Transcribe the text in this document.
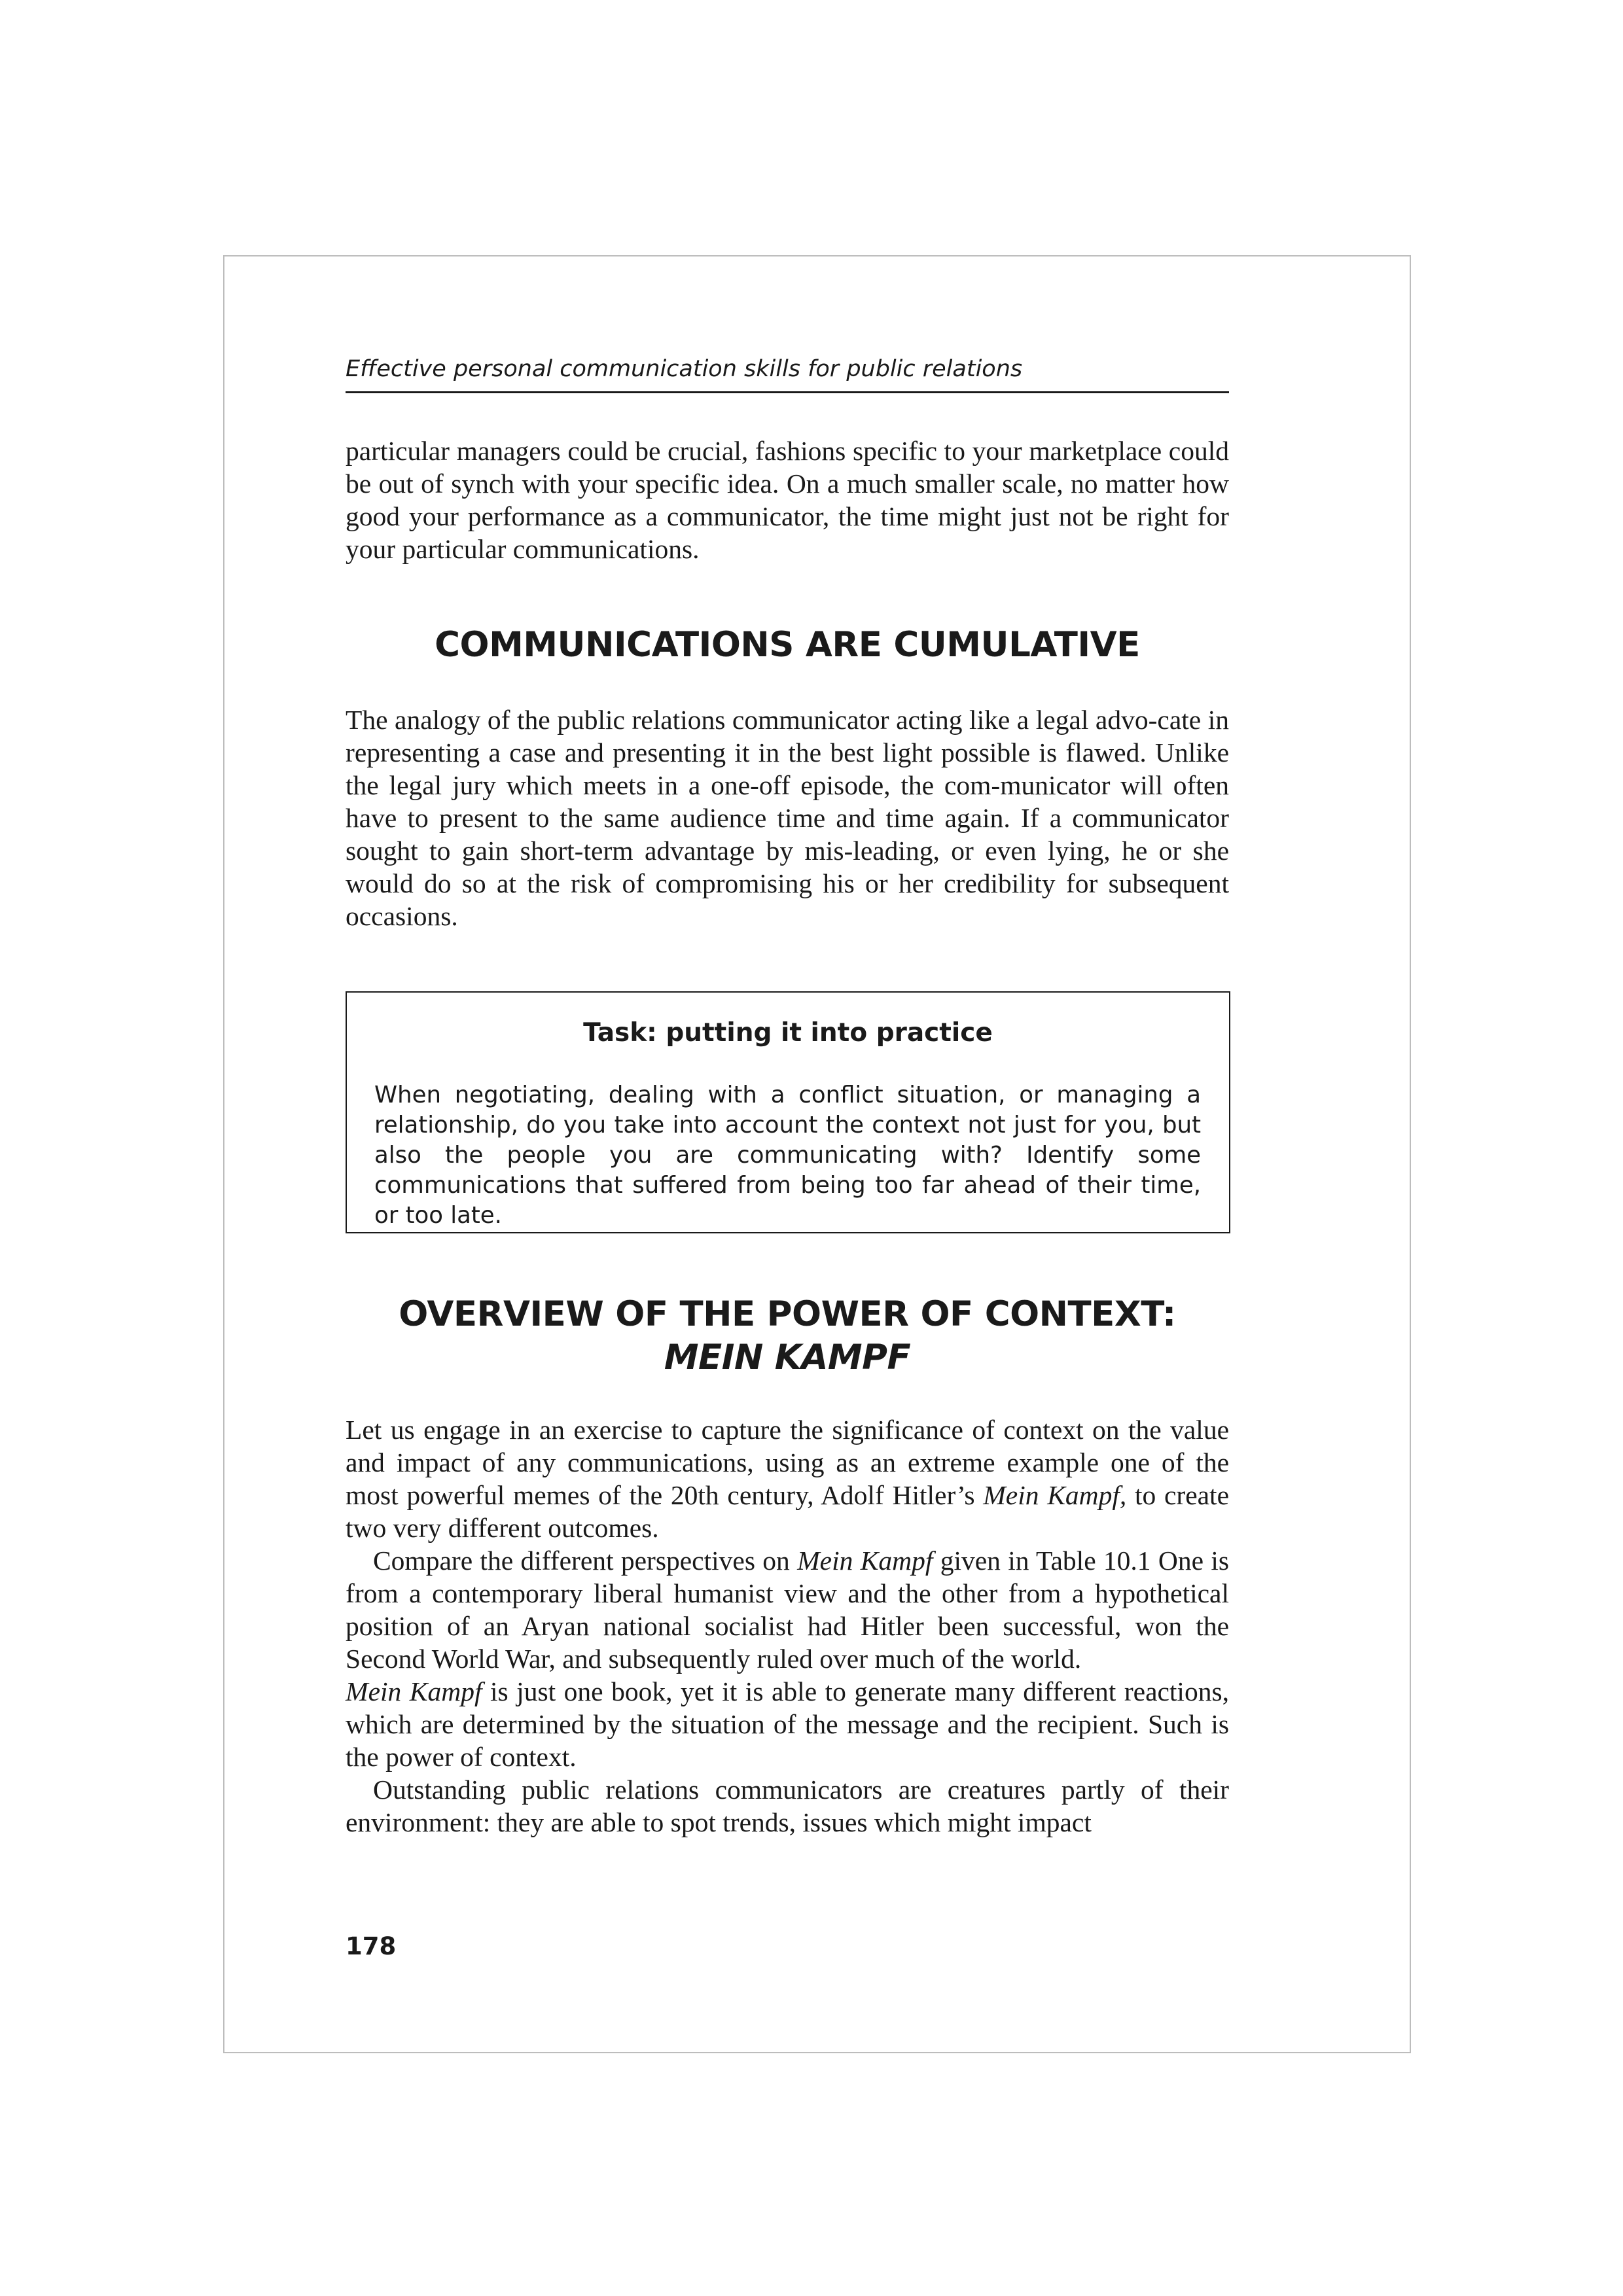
Effective personal communication skills for public relations

particular managers could be crucial, fashions specific to your marketplace could be out of synch with your specific idea. On a much smaller scale, no matter how good your performance as a communicator, the time might just not be right for your particular communications.

COMMUNICATIONS ARE CUMULATIVE

The analogy of the public relations communicator acting like a legal advo-cate in representing a case and presenting it in the best light possible is flawed. Unlike the legal jury which meets in a one-off episode, the com-municator will often have to present to the same audience time and time again. If a communicator sought to gain short-term advantage by mis-leading, or even lying, he or she would do so at the risk of compromising his or her credibility for subsequent occasions.

Task: putting it into practice

When negotiating, dealing with a conflict situation, or managing a relationship, do you take into account the context not just for you, but also the people you are communicating with? Identify some communications that suffered from being too far ahead of their time, or too late.

OVERVIEW OF THE POWER OF CONTEXT:
MEIN KAMPF

Let us engage in an exercise to capture the significance of context on the value and impact of any communications, using as an extreme example one of the most powerful memes of the 20th century, Adolf Hitler’s Mein Kampf, to create two very different outcomes.

Compare the different perspectives on Mein Kampf given in Table 10.1 One is from a contemporary liberal humanist view and the other from a hypothetical position of an Aryan national socialist had Hitler been successful, won the Second World War, and subsequently ruled over much of the world.

Mein Kampf is just one book, yet it is able to generate many different reactions, which are determined by the situation of the message and the recipient. Such is the power of context.

Outstanding public relations communicators are creatures partly of their environment: they are able to spot trends, issues which might impact

178
